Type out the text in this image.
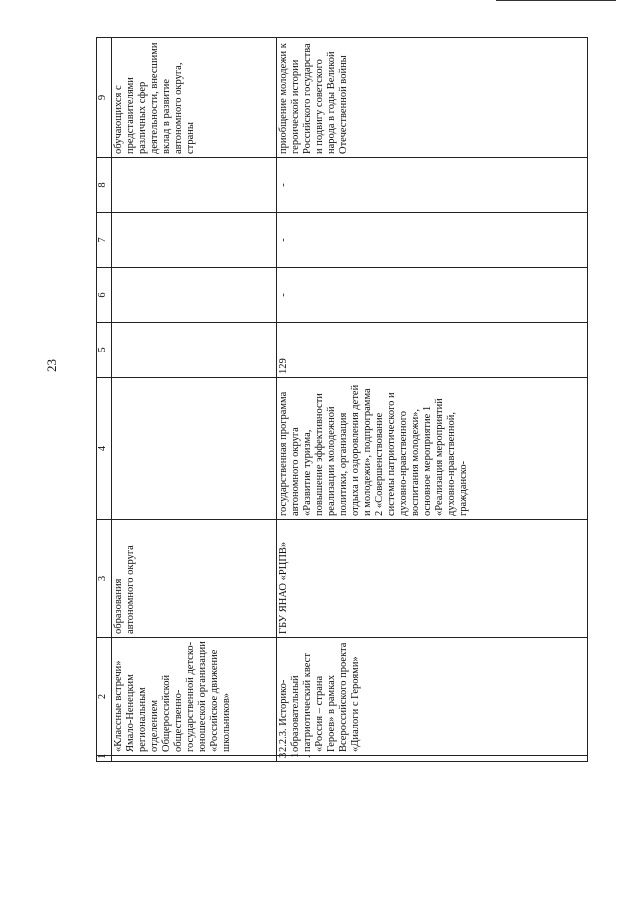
23
1	2	3	4	5	6	7	8	9
	«Классные встречи» Ямало-Ненецким региональным отделением Общероссийской общественно-государственной детско-юношеской организации «Российское движение школьников»	образования автономного округа						обучающихся с представителями различных сфер деятельности, внесшими вклад в развитие автономного округа, страны
31.	2.2.3. Историко-образовательный патриотический квест «Россия – страна Героев» в рамках Всероссийского проекта «Диалоги с Героями»	ГБУ ЯНАО «РЦПВ»	государственная программа автономного округа «Развитие туризма, повышение эффективности реализации молодежной политики, организация отдыха и оздоровления детей и молодежи», подпрограмма 2 «Совершенствование системы патриотического и духовно-нравственного воспитания молодежи», основное мероприятие 1 «Реализация мероприятий духовно-нравственной, гражданско-	129	-	-	-	приобщение молодежи к героической истории Российского государства и подвигу советского народа в годы Великой Отечественной войны
